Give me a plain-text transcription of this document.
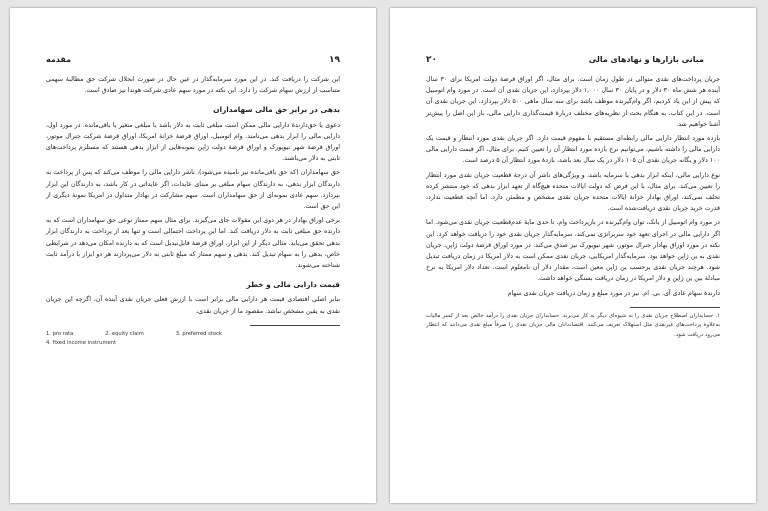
۱۹
مقدمه

این شرکت را دریافت کند. در این مورد سرمایه‌گذار در عین حال در صورت انحلال شرکت حق مطالبهٔ سهمی متناسب از ارزش سهام شرکت را دارد. این نکته در مورد سهم عادی شرکت هوندا نیز صادق است.

بدهی در برابر حق مالی سهامداران

دعوی یا حق‌دارندهٔ دارایی مالی ممکن است مبلغی ثابت به دلار باشد یا مبلغی متغیر یا باقی‌مانده. در مورد اول، دارایی مالی را ابزار بدهی می‌نامند. وام اتومبیل، اوراق قرضهٔ خزانهٔ امریکا، اوراق قرضهٔ شرکت جنرال موتور، اوراق قرضهٔ شهر نیویورک و اوراق قرضهٔ دولت ژاپن نمونه‌هایی از ابزار بدهی هستند که مستلزم پرداخت‌های ثابتی به دلار می‌باشند.

حق سهامداران (که حق باقی‌مانده نیز نامیده می‌شود)، ناشر دارایی مالی را موظف می‌کند که پس از پرداخت به دارندگان ابزار بدهی، به دارندگان سهام مبلغی بر مبنای عایدات، اگر عایداتی در کار باشد، به دارندگان این ابزار بپردازد. سهم عادی نمونه‌ای از حق سهامداران است. سهم مشارکت در بهادار متداول در امریکا نمونهٔ دیگری از این حق است.

برخی اوراق بهادار در هر دوی این مقولات جای می‌گیرند. برای مثال سهم ممتاز نوعی حق سهامداران است که به دارنده حق مبلغی ثابت به دلار دریافت کند. اما این پرداخت احتمالی است و تنها بعد از پرداخت به دارندگان ابزار بدهی تحقق می‌یابد. مثالی دیگر از این ابزار، اوراق قرضهٔ قابل‌تبدیل است که به دارنده امکان می‌دهد در شرایطی خاص، بدهی را به سهام تبدیل کند. بدهی و سهم ممتاز که مبلغ ثابتی به دلار می‌پردازند هر دو ابزار با درآمد ثابت شناخته می‌شوند.

قیمت دارایی مالی و خطر

بنابر اصلی اقتصادی قیمت هر دارایی مالی برابر است با ارزش فعلی جریان نقدی آینده آن، اگرچه این جریان نقدی به یقین مشخص نباشد. مقصود ما از جریان نقدی،

1. pro rata	2. equity claim	3. preferred stock
4. fixed income instrument
۲۰	مبانی بازارها و نهادهای مالی

جریان پرداخت‌های نقدی متوالی در طول زمان است. برای مثال، اگر اوراق قرضهٔ دولت امریکا برای ۳۰ سال آینده هر شش ماه ۳۰ دلار و در پایان ۳۰ سال ۱,۰۰۰ دلار بپردازد، این جریان نقدی آن است. در مورد وام اتومبیل که پیش از این یاد کردیم، اگر وام‌گیرنده موظف باشد برای سه سال ماهی ۵۰۰ دلار بپردازد، این جریان نقدی آن است. در این کتاب، به هنگام بحث از نظریه‌های مختلف دربارهٔ قیمت‌گذاری دارایی مالی، باز این اصل را پیش‌تر آشنا خواهیم شد.

بازده مورد انتظار دارایی مالی رابطه‌ای مستقیم با مفهوم قیمت دارد. اگر جریان نقدی مورد انتظار و قیمت یک دارایی مالی را داشته باشیم، می‌توانیم نرخ بازده مورد انتظار آن را تعیین کنیم. برای مثال، اگر قیمت دارایی مالی ۱۰۰ دلار و یگانه جریان نقدی آن ۱۰۵ دلار در یک سال بعد باشد، بازدهٔ مورد انتظار آن ۵ درصد است.

نوع دارایی مالی، اینکه ابزار بدهی یا سرمایه باشد، و ویژگی‌های ناشر آن درجهٔ قطعیت جریان نقدی مورد انتظار را تعیین می‌کند. برای مثال، با این فرض که دولت ایالات متحده هیچ‌گاه از تعهد ابزار بدهی که خود منتشر کرده تخلف نمی‌کند، اوراق بهادار خزانهٔ ایالات متحده جریان نقدی مشخص و مطمئن دارد. اما آنچه قطعیت ندارد، قدرت خرید جریان نقدی دریافت‌شده است.

در مورد وام اتومبیل از بانک، توان وام‌گیرنده در بازپرداخت وام، تا حدی مایهٔ عدم‌قطعیت جریان نقدی می‌شود. اما اگر دارایی مالی در اجرای تعهد خود سربرانژی نمی‌کند، سرمایه‌گذار جریان نقدی خود را دریافت خواهد کرد. این نکته در مورد اوراق بهادار جنرال موتور، شهر نیویورک نیز صدق می‌کند. در مورد اوراق قرضهٔ دولت ژاپن، جریان نقدی به ین ژاپن خواهد بود. سرمایه‌گذار امریکایی، جریان نقدی ممکن است به دلار امریکا در زمان دریافت تبدیل شود. هرچند جریان نقدی برحسب ین ژاپن معین است، مقدار دلار آن نامعلوم است. تعداد دلار امریکا به نرخ مبادلهٔ بین ین ژاپن و دلار امریکا در زمان دریافت بستگی خواهد داشت.

دارندهٔ سهام عادی آی. بی. ام. نیز در مورد مبلغ و زمان دریافت جریان نقدی سهام

۱. حسابداران اصطلاح جریان نقدی را به شیوه‌ای دیگر به کار می‌برند. حسابداران جریان نقدی را درآمد خالص بعد از کسر مالیات به‌علاوهٔ پرداخت‌های غیرنقدی مثل استهلاک تعریف می‌کنند. اقتصاددانان مالی جریان نقدی را صرفاً مبلغ نقدی می‌دانند که انتظار می‌رود دریافت شود.
